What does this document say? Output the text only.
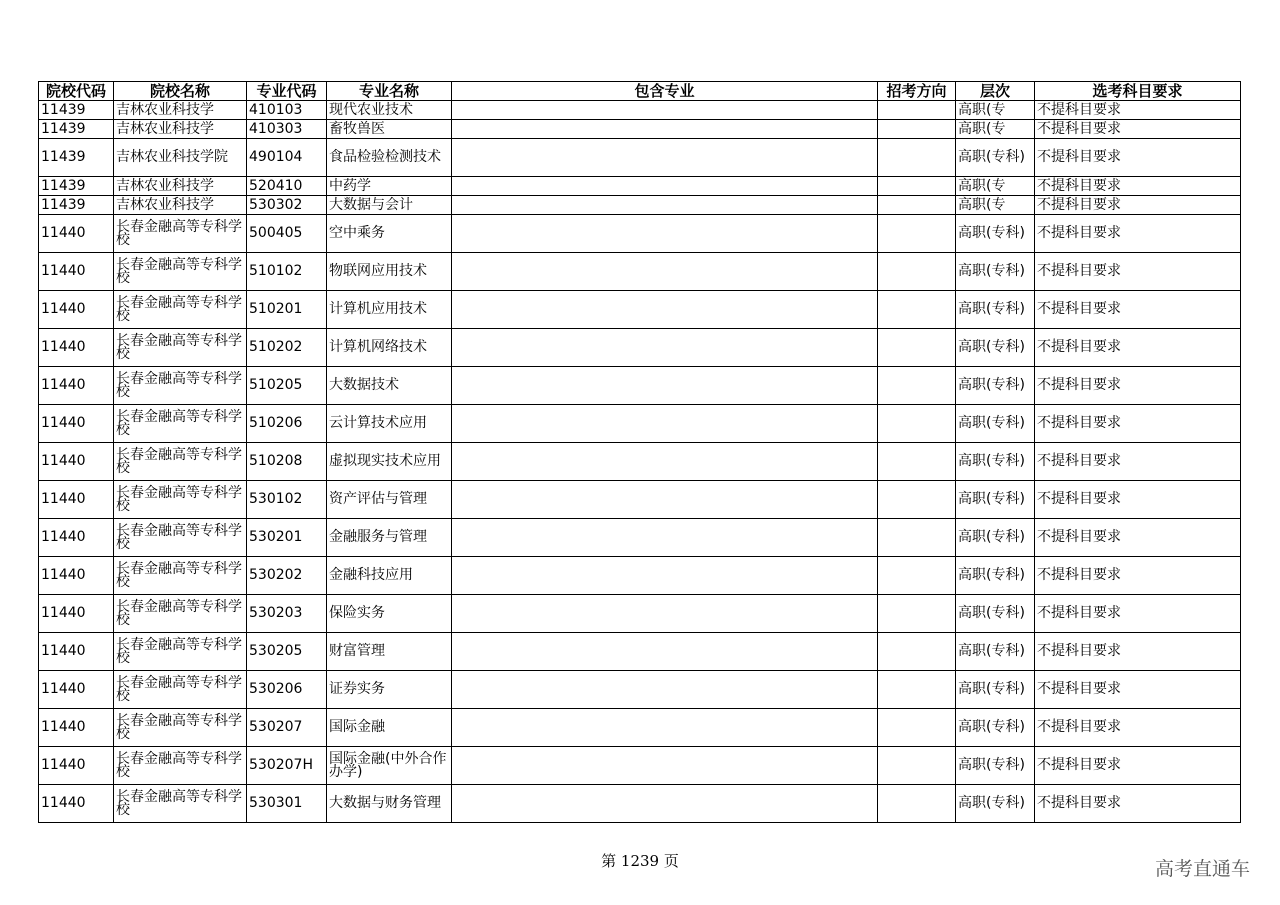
院校代码	院校名称	专业代码	专业名称	包含专业	招考方向	层次	选考科目要求
11439	吉林农业科技学	410103	现代农业技术			高职(专	不提科目要求
11439	吉林农业科技学	410303	畜牧兽医			高职(专	不提科目要求
11439	吉林农业科技学院	490104	食品检验检测技术			高职(专科)	不提科目要求
11439	吉林农业科技学	520410	中药学			高职(专	不提科目要求
11439	吉林农业科技学	530302	大数据与会计			高职(专	不提科目要求
11440	长春金融高等专科学校	500405	空中乘务			高职(专科)	不提科目要求
11440	长春金融高等专科学校	510102	物联网应用技术			高职(专科)	不提科目要求
11440	长春金融高等专科学校	510201	计算机应用技术			高职(专科)	不提科目要求
11440	长春金融高等专科学校	510202	计算机网络技术			高职(专科)	不提科目要求
11440	长春金融高等专科学校	510205	大数据技术			高职(专科)	不提科目要求
11440	长春金融高等专科学校	510206	云计算技术应用			高职(专科)	不提科目要求
11440	长春金融高等专科学校	510208	虚拟现实技术应用			高职(专科)	不提科目要求
11440	长春金融高等专科学校	530102	资产评估与管理			高职(专科)	不提科目要求
11440	长春金融高等专科学校	530201	金融服务与管理			高职(专科)	不提科目要求
11440	长春金融高等专科学校	530202	金融科技应用			高职(专科)	不提科目要求
11440	长春金融高等专科学校	530203	保险实务			高职(专科)	不提科目要求
11440	长春金融高等专科学校	530205	财富管理			高职(专科)	不提科目要求
11440	长春金融高等专科学校	530206	证券实务			高职(专科)	不提科目要求
11440	长春金融高等专科学校	530207	国际金融			高职(专科)	不提科目要求
11440	长春金融高等专科学校	530207H	国际金融(中外合作办学)			高职(专科)	不提科目要求
11440	长春金融高等专科学校	530301	大数据与财务管理			高职(专科)	不提科目要求
第 1239 页	高考直通车
